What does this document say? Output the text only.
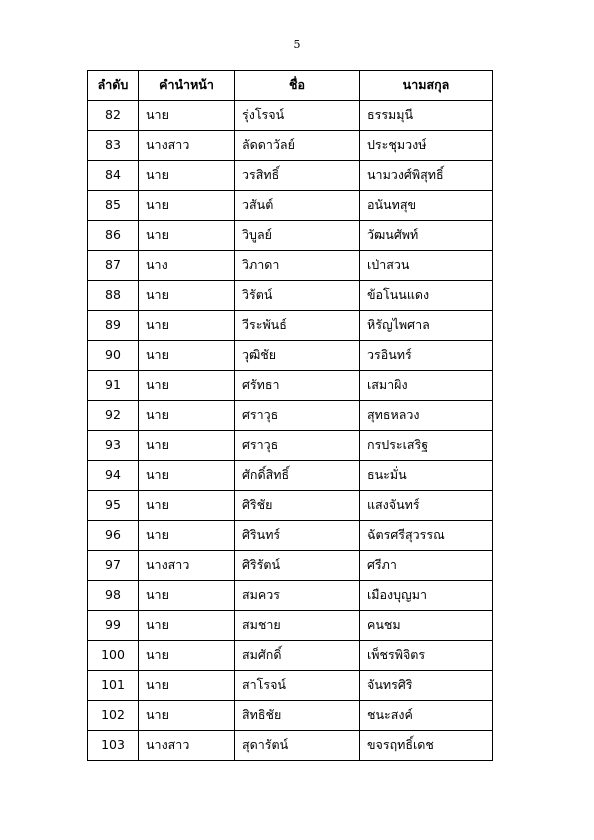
5
ลำดับ	คำนำหน้า	ชื่อ	นามสกุล
82	นาย	รุ่งโรจน์	ธรรมมุนี
83	นางสาว	ลัดดาวัลย์	ประชุมวงษ์
84	นาย	วรสิทธิ์	นามวงศ์พิสุทธิ์
85	นาย	วสันต์	อนันทสุข
86	นาย	วิบูลย์	วัฒนศัพท์
87	นาง	วิภาดา	เป่าสวน
88	นาย	วิรัตน์	ข้อโนนแดง
89	นาย	วีระพันธ์	หิรัญไพศาล
90	นาย	วุฒิชัย	วรอินทร์
91	นาย	ศรัทธา	เสมาผิง
92	นาย	ศราวุธ	สุทธหลวง
93	นาย	ศราวุธ	กรประเสริฐ
94	นาย	ศักดิ์สิทธิ์	ธนะมั่น
95	นาย	ศิริชัย	แสงจันทร์
96	นาย	ศิรินทร์	ฉัตรศรีสุวรรณ
97	นางสาว	ศิริรัตน์	ศรีภา
98	นาย	สมควร	เมืองบุญมา
99	นาย	สมชาย	คนชม
100	นาย	สมศักดิ์	เพ็ชรพิจิตร
101	นาย	สาโรจน์	จันทรศิริ
102	นาย	สิทธิชัย	ชนะสงค์
103	นางสาว	สุดารัตน์	ขจรฤทธิ์เดช
